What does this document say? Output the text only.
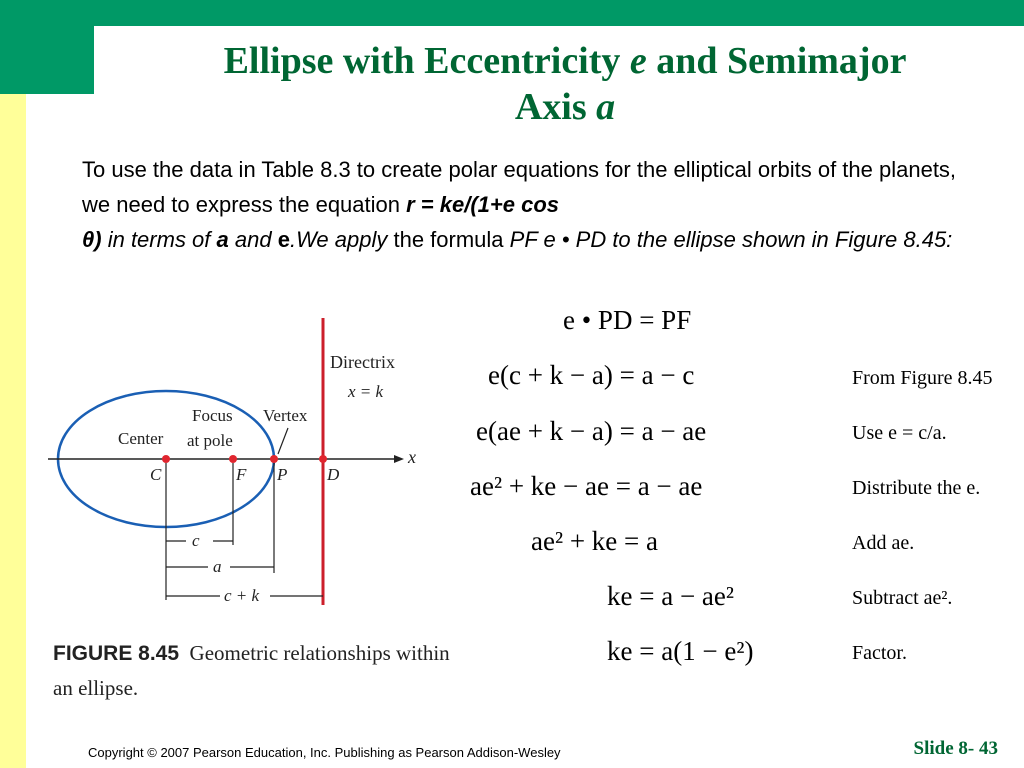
Ellipse with Eccentricity e and Semimajor
Axis a
To use the data in Table 8.3 to create polar equations for the elliptical orbits of the planets, we need to express the equation r = ke/(1+e cos
θ) in terms of a and e.We apply the formula PF e • PD to the ellipse shown in Figure 8.45:
x
Directrix
x = k
Focus
at pole
Vertex
Center
C	F P D
c
a
c + k
FIGURE 8.45 Geometric relationships within an ellipse.
e • PD = PF
e(c + k − a) = a − c
e(ae + k − a) = a − ae
ae² + ke − ae = a − ae
ae² + ke = a
ke = a − ae²
ke = a(1 − e²)
From Figure 8.45
Use e = c/a.
Distribute the e.
Add ae.
Subtract ae².
Factor.
Copyright © 2007 Pearson Education, Inc. Publishing as Pearson Addison-Wesley	Slide 8- 43
